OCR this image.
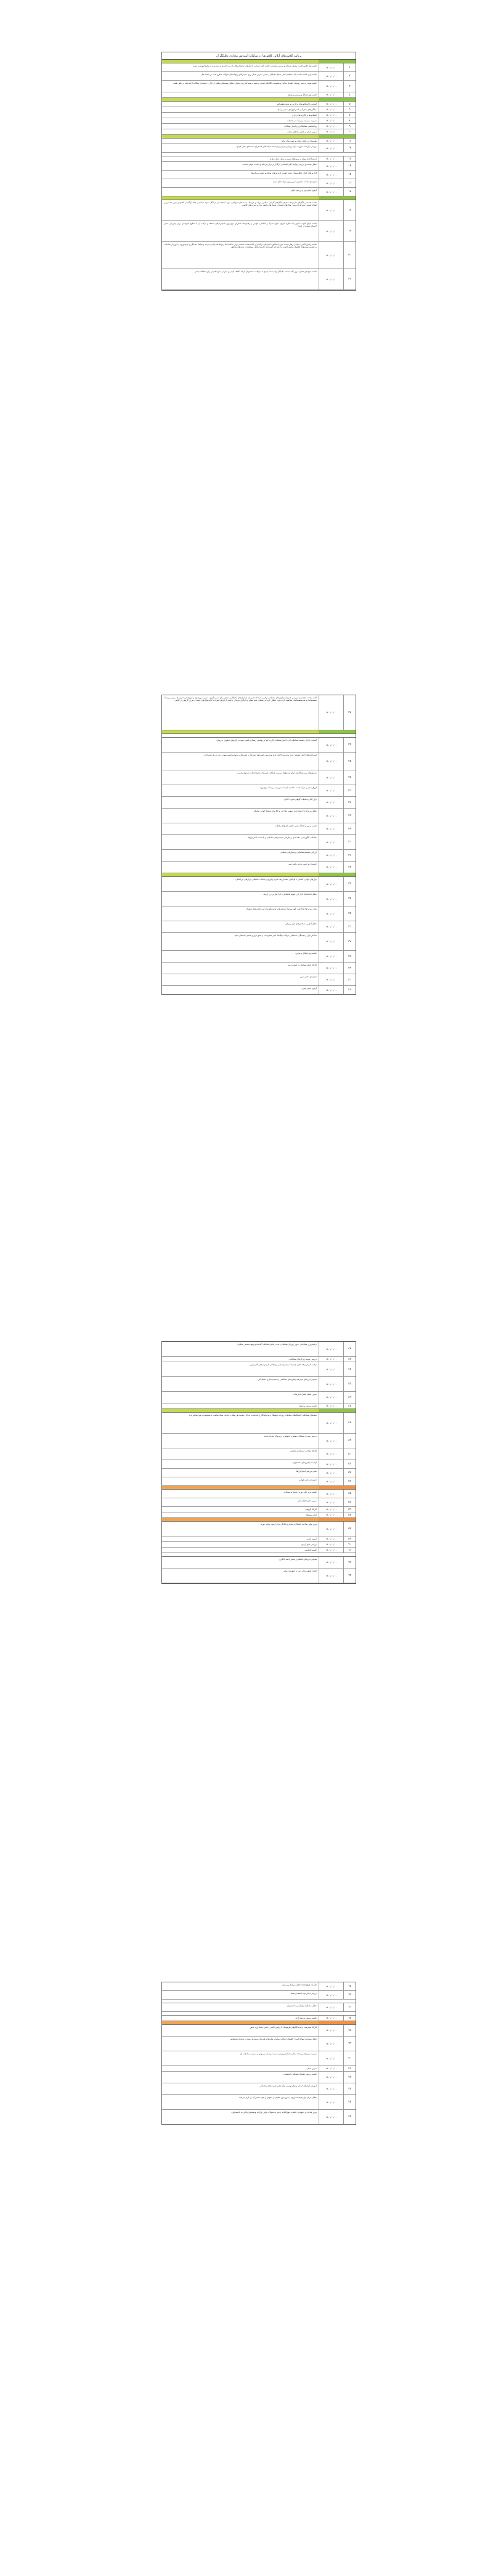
برنامه کلاس‌های آنلاین کلاس‌ها در سامانه آموزش مجازی تحلیلگران
١
١٤٠١/٠٠/٠٠
جلسه اول کلاس آنلاین؛ معرفی سامانه و بررسی مقدمات تحلیل بازار، آشنایی با ابزارها و نحوه استفاده از پنل کاربری و دسترسی به منابع آموزشی دوره.
٢
١٤٠١/٠٠/٠٠
جلسه دوم؛ ادامه مباحث پایه، مفاهیم اصلی تحلیل تکنیکال و بنیادی، تمرین عملی روی نمودارها و رفع اشکال سوالات مطرح شده در جلسه قبل.
٣
١٤٠١/٠٠/٠٠
جلسه سوم؛ بررسی روندها، خطوط حمایت و مقاومت، الگوهای قیمتی و نحوه ترسیم آنها روی نمودار، تحلیل نمونه‌های واقعی از بازار و جمع‌بندی مطالب ارائه شده در طول هفته.
٤
١٤٠١/٠٠/٠٠
جلسه رفع اشکال و پرسش و پاسخ
٥
١٤٠١/٠٠/٠٠
آشنایی با اندیکاتورهای پرکاربرد و نحوه تنظیم آنها
٦
١٤٠١/٠٠/٠٠
میانگین‌های متحرک و استراتژی‌های مبتنی بر آنها
٧
١٤٠١/٠٠/٠٠
اسیلاتورها و واگرایی‌ها در بازار
٨
١٤٠١/٠٠/٠٠
مدیریت سرمایه و ریسک در معاملات
٩
١٤٠١/٠٠/٠٠
روانشناسی معامله‌گری و کنترل هیجانات
١٠
١٤٠١/٠٠/٠٠
تمرین عملی و تحلیل نمادهای منتخب
١١
١٤٠١/٠٠/٠٠
مقدمه‌ای بر تحلیل بنیادی و صورت‌های مالی
١٢
١٤٠١/٠٠/٠٠
بررسی ترازنامه، صورت سود و زیان و جریان وجوه نقد شرکت‌ها و استخراج نسبت‌های مالی کلیدی.
١٣
١٤٠١/٠٠/٠٠
ارزش‌گذاری سهام به روش‌های نسبی و تنزیل جریان نقدی
١٤
١٤٠١/٠٠/٠٠
تحلیل صنعت و بررسی عوامل کلان اقتصادی اثرگذار بر بازار سرمایه و انتخاب سهام مناسب.
١٥
١٤٠١/٠٠/٠٠
گزارش‌های کدال، اطلاعیه‌ها و نحوه خواندن گزارش‌های ماهانه و فصلی شرکت‌ها.
١٦
١٤٠١/٠٠/٠٠
جمع‌بندی مباحث بنیادی و تمرین روی شرکت‌های نمونه.
١٧
١٤٠١/٠٠/٠٠
آزمون میان‌دوره و بررسی نتایج.
١٨
١٤٠١/٠٠/٠٠
جلسه تخصصی الگوهای هارمونیک؛ معرفی الگوهای گارتلی، خفاش، پروانه و خرچنگ، نسبت‌های فیبوناچی مورد استفاده در هر الگو، نحوه شناسایی نقاط بازگشتی بالقوه و تعیین حد ضرر و اهداف قیمتی، همراه با بررسی مثال‌های متعدد از نمودارهای واقعی بازار و تمرین‌های کلاسی.
١٩
١٤٠١/٠٠/٠٠
جلسه امواج الیوت؛ اصول پایه نظریه امواج، امواج محرک و اصلاحی، قوانین و رهنمودها، شمارش موج روی تایم‌فریم‌های مختلف و ترکیب آن با سطوح فیبوناچی برای پیش‌بینی مسیر احتمالی قیمت در آینده.
٢٠
١٤٠١/٠٠/٠٠
جلسه پرایس اکشن؛ خواندن رفتار قیمت بدون اندیکاتور، کندل‌های برگشتی و ادامه‌دهنده، ساختار بازار، شکست‌ها و پولبک‌ها، نواحی عرضه و تقاضا، نقدینگی و نحوه ورود و خروج از معاملات بر اساس ستاپ‌های کلاسیک پرایس اکشن و ارائه چند استراتژی کاربردی قابل استفاده در بازارهای مختلف.
٢١
١٤٠١/٠٠/٠٠
جلسه جمع‌بندی فصل؛ مرور کلیه مباحث تکنیکال ارائه شده، پاسخ به سوالات دانشجویان، ارائه تکالیف پایانی و معرفی منابع تکمیلی برای مطالعه بیشتر.
٢٢
١٤٠١/٠٠/٠٠
ادامه مباحث تخصصی؛ بررسی جامع استراتژی‌های معاملاتی ترکیبی، استفاده هم‌زمان از ابزارهای تکنیکال و بنیادی برای تصمیم‌گیری، مدیریت پورتفوی و تنوع‌بخشی دارایی‌ها، بررسی ریسک سیستماتیک و غیرسیستماتیک، محاسبه بازده مورد انتظار، ارزیابی عملکرد سبد سهام و بازنگری دوره‌ای ترکیب دارایی‌ها، همراه با ارائه مثال‌های متعدد و تمرین گروهی در کلاس.
٢٣
١٤٠١/٠٠/٠٠
آشنایی با بازار مشتقه؛ معاملات آتی، اختیار معامله و کاربرد آنها در پوشش ریسک و کسب سود در بازارهای صعودی و نزولی.
٢٤
١٤٠١/٠٠/٠٠
استراتژی‌های اختیار معامله؛ خرید و فروش اختیار خرید و فروش، اسپردها، استرادل و استرنگل و نحوه محاسبه سود و زیان در هر استراتژی.
٢٥
١٤٠١/٠٠/٠٠
صندوق‌های سرمایه‌گذاری؛ انواع صندوق‌ها، بررسی عملکرد، هزینه‌ها و نحوه انتخاب صندوق مناسب.
٢٦
١٤٠١/٠٠/٠٠
اوراق بدهی و درآمد ثابت؛ محاسبه بازده تا سررسید و ریسک نرخ بهره.
٢٧
١٤٠١/٠٠/٠٠
بازار کالا و معاملات گواهی سپرده کالایی.
٢٨
١٤٠١/٠٠/٠٠
تحلیل بین‌بازاری؛ ارتباط بازار سهام، طلا، ارز و کالا و اثر متقابل آنها بر یکدیگر.
٢٩
١٤٠١/٠٠/٠٠
جلسه تمرین و کارگاه عملی تحلیل بازارهای مختلف.
٣٠
١٤٠١/٠٠/٠٠
معاملات الگوریتمی؛ مقدمه‌ای بر طراحی سیستم‌های معاملاتی و بک‌تست استراتژی‌ها.
٣١
١٤٠١/٠٠/٠٠
ارزیابی سیستم معاملاتی و معیارهای عملکرد.
٣٢
١٤٠١/٠٠/٠٠
جمع‌بندی و آزمون پایانی بخش دوم.
٣٣
١٤٠١/٠٠/٠٠
بازارهای جهانی؛ آشنایی با فارکس، جفت‌ارزها، اسپرد و لوریج و ساعات معاملاتی بازارهای بین‌المللی.
٣٤
١٤٠١/٠٠/٠٠
تحلیل فاندامنتال بازار ارز؛ تقویم اقتصادی و اثر اخبار بر نرخ ارزها.
٣٥
١٤٠١/٠٠/٠٠
بازار رمزارزها؛ بلاک‌چین، کیف پول‌ها، صرافی‌ها و نحوه نگهداری امن دارایی‌های دیجیتال.
٣٦
١٤٠١/٠٠/٠٠
تحلیل آنچین و شاخص‌های بازار رمزارز.
٣٧
١٤٠١/٠٠/٠٠
ساختار بازار و نقدینگی؛ شناسایی حرکات نهنگ‌ها، دفتر سفارشات و عمق بازار و تفسیر داده‌های حجم.
٣٨
١٤٠١/٠٠/٠٠
جلسه رفع اشکال و تمرین.
٣٩
١٤٠١/٠٠/٠٠
کارگاه عملی معامله در حساب دمو.
٤٠
١٤٠١/٠٠/٠٠
جمع‌بندی بخش سوم.
٤١
١٤٠١/٠٠/٠٠
آزمون بخش سوم.
٤٢
١٤٠١/٠٠/٠٠
برنامه‌ریزی معاملاتی؛ تدوین ژورنال معاملاتی، ثبت و تحلیل معاملات گذشته و بهبود مستمر عملکرد.
٤٣
١٤٠١/٠٠/٠٠
بررسی نمونه ژورنال‌های معاملاتی.
٤٤
١٤٠١/٠٠/٠٠
ترکیب تایم‌فریم‌ها؛ تحلیل چندزمانه و هم‌راستایی روندها در تایم‌فریم‌های بالا و پایین.
٤٥
١٤٠١/٠٠/٠٠
معرفی ابزارهای پیشرفته پلتفرم‌های معاملاتی و شخصی‌سازی محیط کار.
٤٦
١٤٠١/٠٠/٠٠
تمرین عملی تحلیل چندزمانه.
٤٧
١٤٠١/٠٠/٠٠
جلسه پرسش و پاسخ.
٤٨
١٤٠١/٠٠/٠٠
سبک‌های معاملاتی؛ اسکالپینگ، معاملات روزانه، سوئینگ و سرمایه‌گذاری بلندمدت، مزایا و معایب هر سبک و انتخاب سبک مناسب با شخصیت و شرایط هر فرد.
٤٩
١٤٠١/٠٠/٠٠
بررسی موردی معاملات موفق و ناموفق و درس‌های آموخته شده.
٥٠
١٤٠١/٠٠/٠٠
کارگاه طراحی استراتژی شخصی.
٥١
١٤٠١/٠٠/٠٠
ارائه استراتژی‌های دانشجویان.
٥٢
١٤٠١/٠٠/٠٠
نقد و بررسی استراتژی‌ها.
٥٣
١٤٠١/٠٠/٠٠
جمع‌بندی بخش چهارم.
٥٤
١٤٠١/٠٠/٠٠
جلسه مرور کلی دوره و پاسخ به سوالات.
٥٥
١٤٠١/٠٠/٠٠
تمرین جامع تحلیل بازار.
٥٦
١٤٠١/٠٠/٠٠
کارگاه گروهی.
٥٧
١٤٠١/٠٠/٠٠
ارائه پروژه‌ها.
٥٨
١٤٠١/٠٠/٠٠
مرور نهایی مباحث تکنیکال و بنیادی و آمادگی برای آزمون پایانی دوره.
٥٩
١٤٠١/٠٠/٠٠
آزمون پایانی.
٦٠
١٤٠١/٠٠/٠٠
بررسی نتایج آزمون.
٦١
١٤٠١/٠٠/٠٠
جلسه اختتامیه.
٦٢
١٤٠١/٠٠/٠٠
معرفی دوره‌های تکمیلی و مسیر ادامه یادگیری.
٦٣
١٤٠١/٠٠/٠٠
اهدای گواهی پایان دوره و جمع‌بندی نهایی.
٦٤
١٤٠١/٠٠/٠٠
جلسات فوق‌العاده؛ تحلیل شرایط روز بازار.
٦٥
١٤٠١/٠٠/٠٠
بررسی اخبار مهم اقتصادی هفته.
٦٦
١٤٠١/٠٠/٠٠
تحلیل نمادهای درخواستی دانشجویان.
٦٧
١٤٠١/٠٠/٠٠
جلسه پرسش و پاسخ آزاد.
٦٨
١٤٠١/٠٠/٠٠
کارگاه پیشرفته؛ ترکیب الگوهای هارمونیک با پرایس اکشن و تعیین نقاط ورود دقیق.
٦٩
١٤٠١/٠٠/٠٠
تحلیل پیشرفته امواج الیوت؛ الگوهای اصلاحی پیچیده، مثلث‌ها و فلت‌ها و شمارش موج در شرایط نامشخص.
٧٠
١٤٠١/٠٠/٠٠
مدیریت پیشرفته ریسک؛ محاسبه اندازه پوزیشن، نسبت ریسک به ریوارد و مدیریت معاملات باز.
٧١
١٤٠١/٠٠/٠٠
تمرین عملی.
٧٢
١٤٠١/٠٠/٠٠
جلسه بررسی معاملات هفتگی دانشجویان.
٧٣
١٤٠١/٠٠/٠٠
آموزش ابزارهای اسکنر و فیلترنویسی برای یافتن فرصت‌های معاملاتی.
٧٤
١٤٠١/٠٠/٠٠
تحلیل جریان پول هوشمند؛ ورود و خروج پول حقیقی و حقوقی و نحوه تفسیر آن در بازار سرمایه.
٧٥
١٤٠١/٠٠/٠٠
مرور مباحث و جمع‌بندی جلسات فوق‌العاده، پاسخ به سوالات نهایی و ارائه توصیه‌های پایانی به دانشجویان.
